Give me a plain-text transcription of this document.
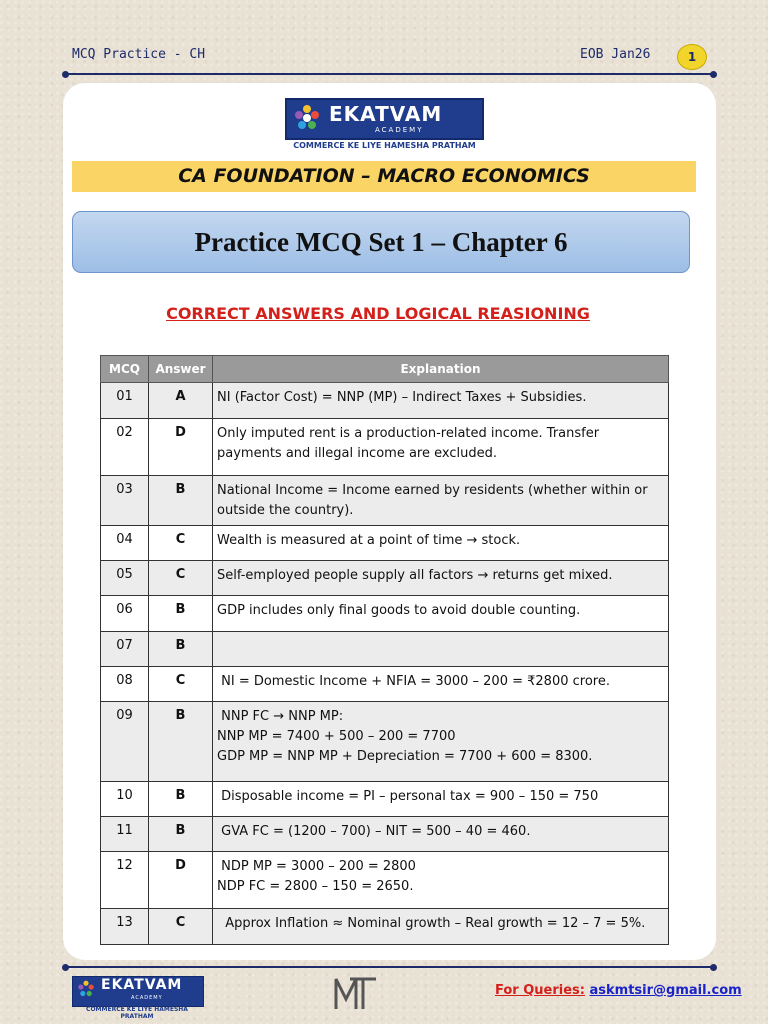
MCQ Practice - CH	EOB Jan26	1
EKATVAM
ACADEMY
COMMERCE KE LIYE HAMESHA PRATHAM
CA FOUNDATION – MACRO ECONOMICS
Practice MCQ Set 1 – Chapter 6
CORRECT ANSWERS AND LOGICAL REASIONING
MCQ	Answer	Explanation
01	A	NI (Factor Cost) = NNP (MP) – Indirect Taxes + Subsidies.

02	D	Only imputed rent is a production-related income. Transfer
payments and illegal income are excluded.

03	B	National Income = Income earned by residents (whether within or
outside the country).

04	C	Wealth is measured at a point of time → stock.

05	C	Self-employed people supply all factors → returns get mixed.

06	B	GDP includes only final goods to avoid double counting.

07	B	

08	C	NI = Domestic Income + NFIA = 3000 – 200 = ₹2800 crore.

09	B	NNP FC → NNP MP:
NNP MP = 7400 + 500 – 200 = 7700
GDP MP = NNP MP + Depreciation = 7700 + 600 = 8300.

10	B	Disposable income = PI – personal tax = 900 – 150 = 750

11	B	GVA FC = (1200 – 700) – NIT = 500 – 40 = 460.

12	D	NDP MP = 3000 – 200 = 2800
NDP FC = 2800 – 150 = 2650.

13	C	Approx Inflation ≈ Nominal growth – Real growth = 12 – 7 = 5%.
EKATVAM
ACADEMY
COMMERCE KE LIYE HAMESHA PRATHAM
For Queries: askmtsir@gmail.com
